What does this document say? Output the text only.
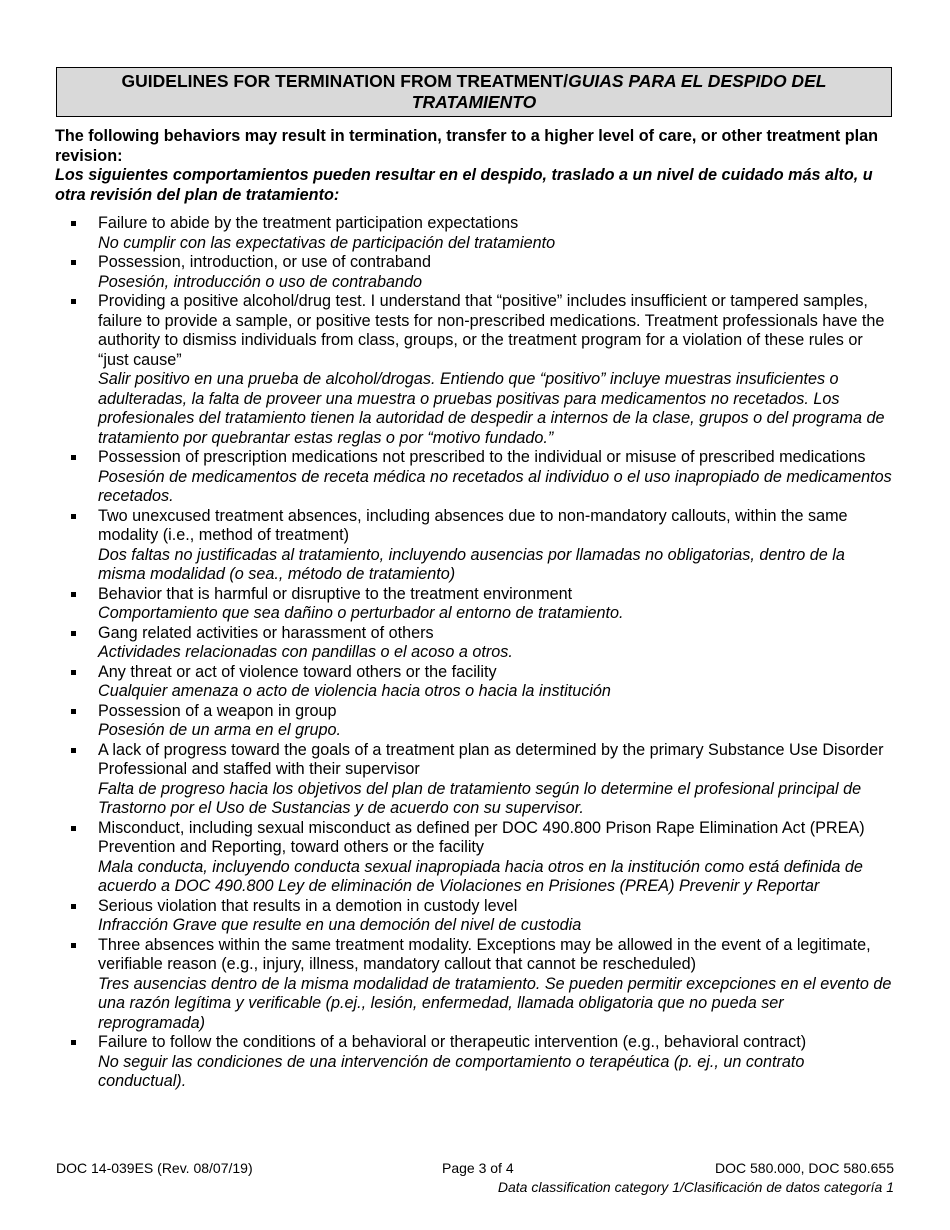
GUIDELINES FOR TERMINATION FROM TREATMENT/GUIAS PARA EL DESPIDO DEL
TRATAMIENTO
The following behaviors may result in termination, transfer to a higher level of care, or other treatment plan revision:
Los siguientes comportamientos pueden resultar en el despido, traslado a un nivel de cuidado más alto, u otra revisión del plan de tratamiento:
Failure to abide by the treatment participation expectations
No cumplir con las expectativas de participación del tratamiento
Possession, introduction, or use of contraband
Posesión, introducción o uso de contrabando
Providing a positive alcohol/drug test. I understand that “positive” includes insufficient or tampered samples, failure to provide a sample, or positive tests for non-prescribed medications. Treatment professionals have the authority to dismiss individuals from class, groups, or the treatment program for a violation of these rules or “just cause”
Salir positivo en una prueba de alcohol/drogas. Entiendo que “positivo” incluye muestras insuficientes o adulteradas, la falta de proveer una muestra o pruebas positivas para medicamentos no recetados. Los profesionales del tratamiento tienen la autoridad de despedir a internos de la clase, grupos o del programa de tratamiento por quebrantar estas reglas o por “motivo fundado.”
Possession of prescription medications not prescribed to the individual or misuse of prescribed medications
Posesión de medicamentos de receta médica no recetados al individuo o el uso inapropiado de medicamentos recetados.
Two unexcused treatment absences, including absences due to non-mandatory callouts, within the same modality (i.e., method of treatment)
Dos faltas no justificadas al tratamiento, incluyendo ausencias por llamadas no obligatorias, dentro de la misma modalidad (o sea., método de tratamiento)
Behavior that is harmful or disruptive to the treatment environment
Comportamiento que sea dañino o perturbador al entorno de tratamiento.
Gang related activities or harassment of others
Actividades relacionadas con pandillas o el acoso a otros.
Any threat or act of violence toward others or the facility
Cualquier amenaza o acto de violencia hacia otros o hacia la institución
Possession of a weapon in group
Posesión de un arma en el grupo.
A lack of progress toward the goals of a treatment plan as determined by the primary Substance Use Disorder Professional and staffed with their supervisor
Falta de progreso hacia los objetivos del plan de tratamiento según lo determine el profesional principal de Trastorno por el Uso de Sustancias y de acuerdo con su supervisor.
Misconduct, including sexual misconduct as defined per DOC 490.800 Prison Rape Elimination Act (PREA) Prevention and Reporting, toward others or the facility
Mala conducta, incluyendo conducta sexual inapropiada hacia otros en la institución como está definida de acuerdo a DOC 490.800 Ley de eliminación de Violaciones en Prisiones (PREA) Prevenir y Reportar
Serious violation that results in a demotion in custody level
Infracción Grave que resulte en una democión del nivel de custodia
Three absences within the same treatment modality. Exceptions may be allowed in the event of a legitimate, verifiable reason (e.g., injury, illness, mandatory callout that cannot be rescheduled)
Tres ausencias dentro de la misma modalidad de tratamiento. Se pueden permitir excepciones en el evento de una razón legítima y verificable (p.ej., lesión, enfermedad, llamada obligatoria que no pueda ser reprogramada)
Failure to follow the conditions of a behavioral or therapeutic intervention (e.g., behavioral contract)
No seguir las condiciones de una intervención de comportamiento o terapéutica (p. ej., un contrato conductual).
DOC 14-039ES (Rev. 08/07/19)	Page 3 of 4	DOC 580.000, DOC 580.655
Data classification category 1/Clasificación de datos categoría 1
